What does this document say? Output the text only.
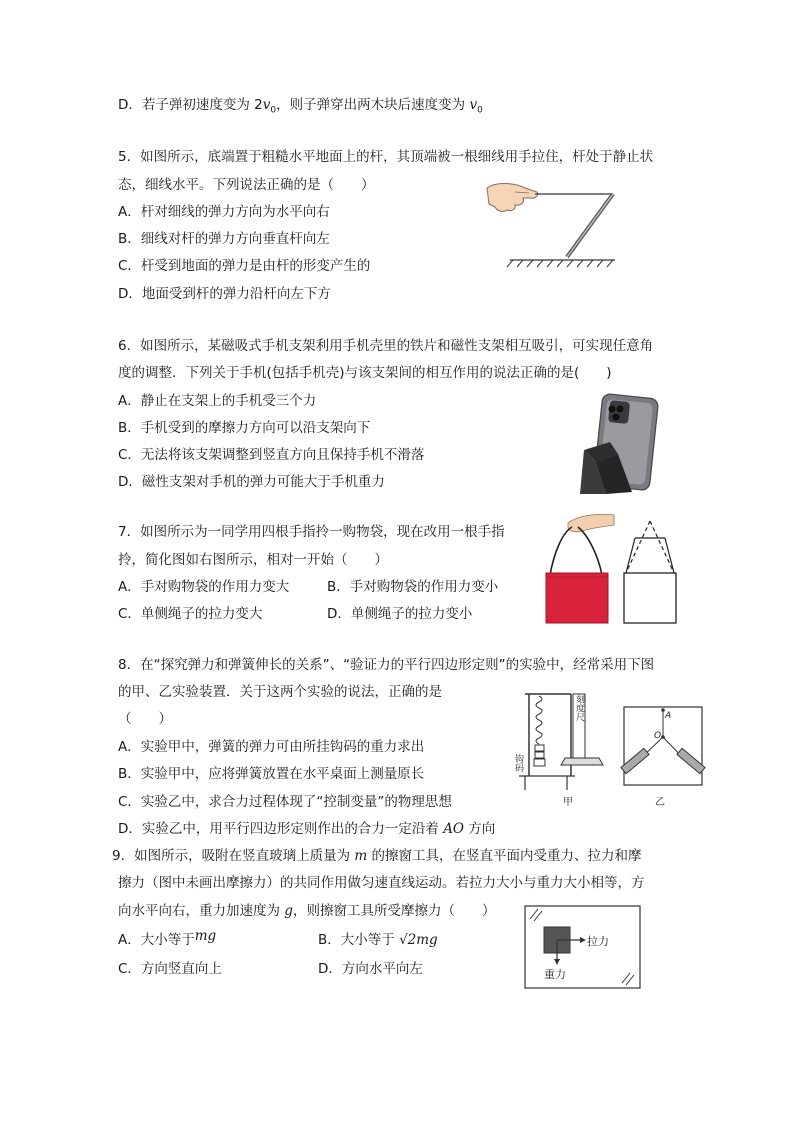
D．若子弹初速度变为 $2v_0$，则子弹穿出两木块后速度变为 $v_0$
5．如图所示，底端置于粗糙水平地面上的杆，其顶端被一根细线用手拉住，杆处于静止状
态，细线水平。下列说法正确的是（　　）
A．杆对细线的弹力方向为水平向右
B．细线对杆的弹力方向垂直杆向左
C．杆受到地面的弹力是由杆的形变产生的
D．地面受到杆的弹力沿杆向左下方
6．如图所示，某磁吸式手机支架利用手机壳里的铁片和磁性支架相互吸引，可实现任意角
度的调整．下列关于手机(包括手机壳)与该支架间的相互作用的说法正确的是(　　)
A．静止在支架上的手机受三个力
B．手机受到的摩擦力方向可以沿支架向下
C．无法将该支架调整到竖直方向且保持手机不滑落
D．磁性支架对手机的弹力可能大于手机重力
7．如图所示为一同学用四根手指拎一购物袋，现在改用一根手指
拎，简化图如右图所示，相对一开始（　　）
A．手对购物袋的作用力变大	B．手对购物袋的作用力变小
C．单侧绳子的拉力变大	D．单侧绳子的拉力变小
8．在“探究弹力和弹簧伸长的关系”、“验证力的平行四边形定则”的实验中，经常采用下图
的甲、乙实验装置．关于这两个实验的说法，正确的是
（　　）
A．实验甲中，弹簧的弹力可由所挂钩码的重力求出
B．实验甲中，应将弹簧放置在水平桌面上测量原长
C．实验乙中，求合力过程体现了“控制变量”的物理思想
D．实验乙中，用平行四边形定则作出的合力一定沿着 AO 方向
刻度尺
钩码
甲
A
O
乙
9．如图所示，吸附在竖直玻璃上质量为 m 的擦窗工具，在竖直平面内受重力、拉力和摩
擦力（图中未画出摩擦力）的共同作用做匀速直线运动。若拉力大小与重力大小相等，方
向水平向右，重力加速度为 g，则擦窗工具所受摩擦力（　　）
A．大小等于mg	B．大小等于 √2mg
C．方向竖直向上	D．方向水平向左
拉力
重力
